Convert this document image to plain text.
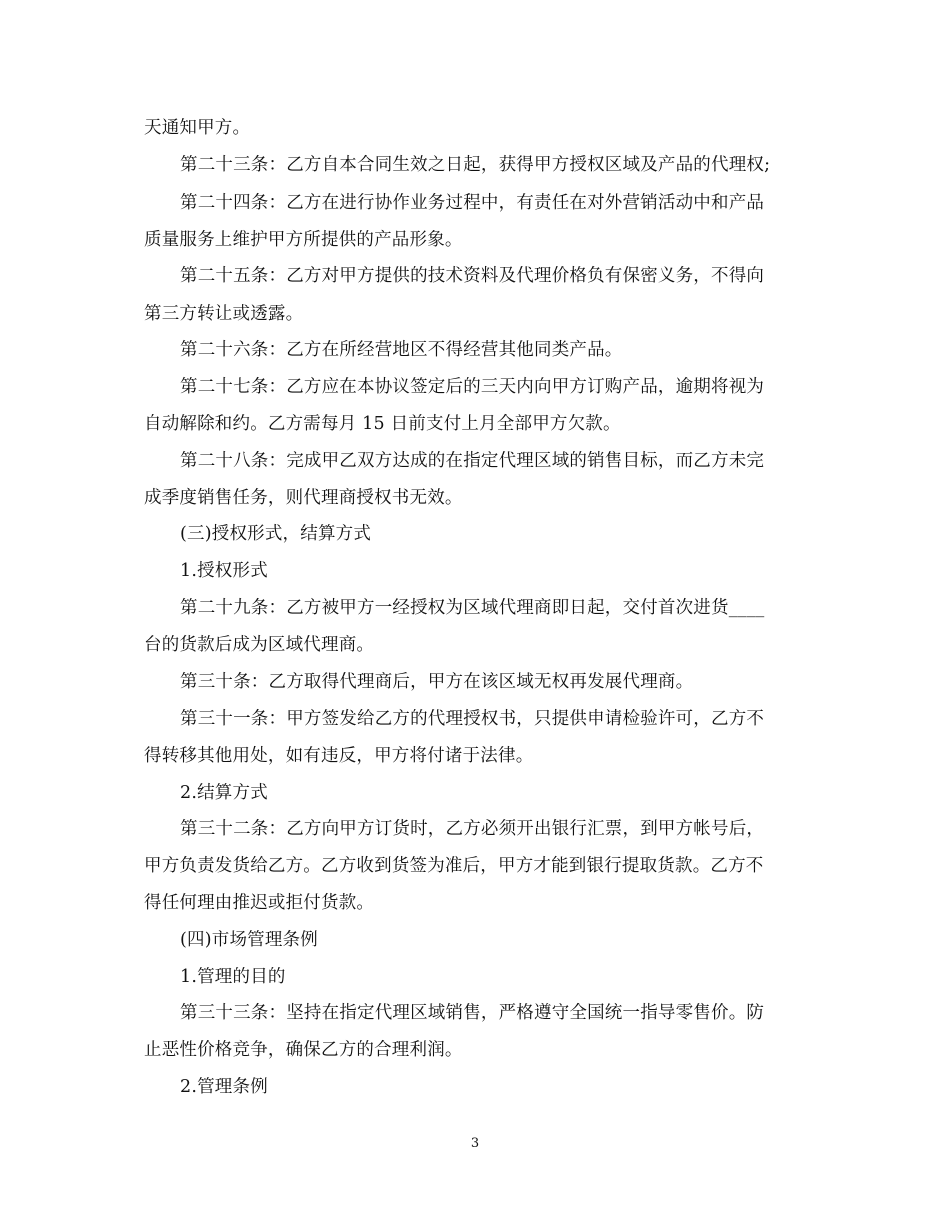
天通知甲方。
第二十三条：乙方自本合同生效之日起，获得甲方授权区域及产品的代理权;
第二十四条：乙方在进行协作业务过程中，有责任在对外营销活动中和产品
质量服务上维护甲方所提供的产品形象。
第二十五条：乙方对甲方提供的技术资料及代理价格负有保密义务，不得向
第三方转让或透露。
第二十六条：乙方在所经营地区不得经营其他同类产品。
第二十七条：乙方应在本协议签定后的三天内向甲方订购产品，逾期将视为
自动解除和约。乙方需每月 15 日前支付上月全部甲方欠款。
第二十八条：完成甲乙双方达成的在指定代理区域的销售目标，而乙方未完
成季度销售任务，则代理商授权书无效。
(三)授权形式，结算方式
1.授权形式
第二十九条：乙方被甲方一经授权为区域代理商即日起，交付首次进货____
台的货款后成为区域代理商。
第三十条：乙方取得代理商后，甲方在该区域无权再发展代理商。
第三十一条：甲方签发给乙方的代理授权书，只提供申请检验许可，乙方不
得转移其他用处，如有违反，甲方将付诸于法律。
2.结算方式
第三十二条：乙方向甲方订货时，乙方必须开出银行汇票，到甲方帐号后，
甲方负责发货给乙方。乙方收到货签为准后，甲方才能到银行提取货款。乙方不
得任何理由推迟或拒付货款。
(四)市场管理条例
1.管理的目的
第三十三条：坚持在指定代理区域销售，严格遵守全国统一指导零售价。防
止恶性价格竞争，确保乙方的合理利润。
2.管理条例
3
